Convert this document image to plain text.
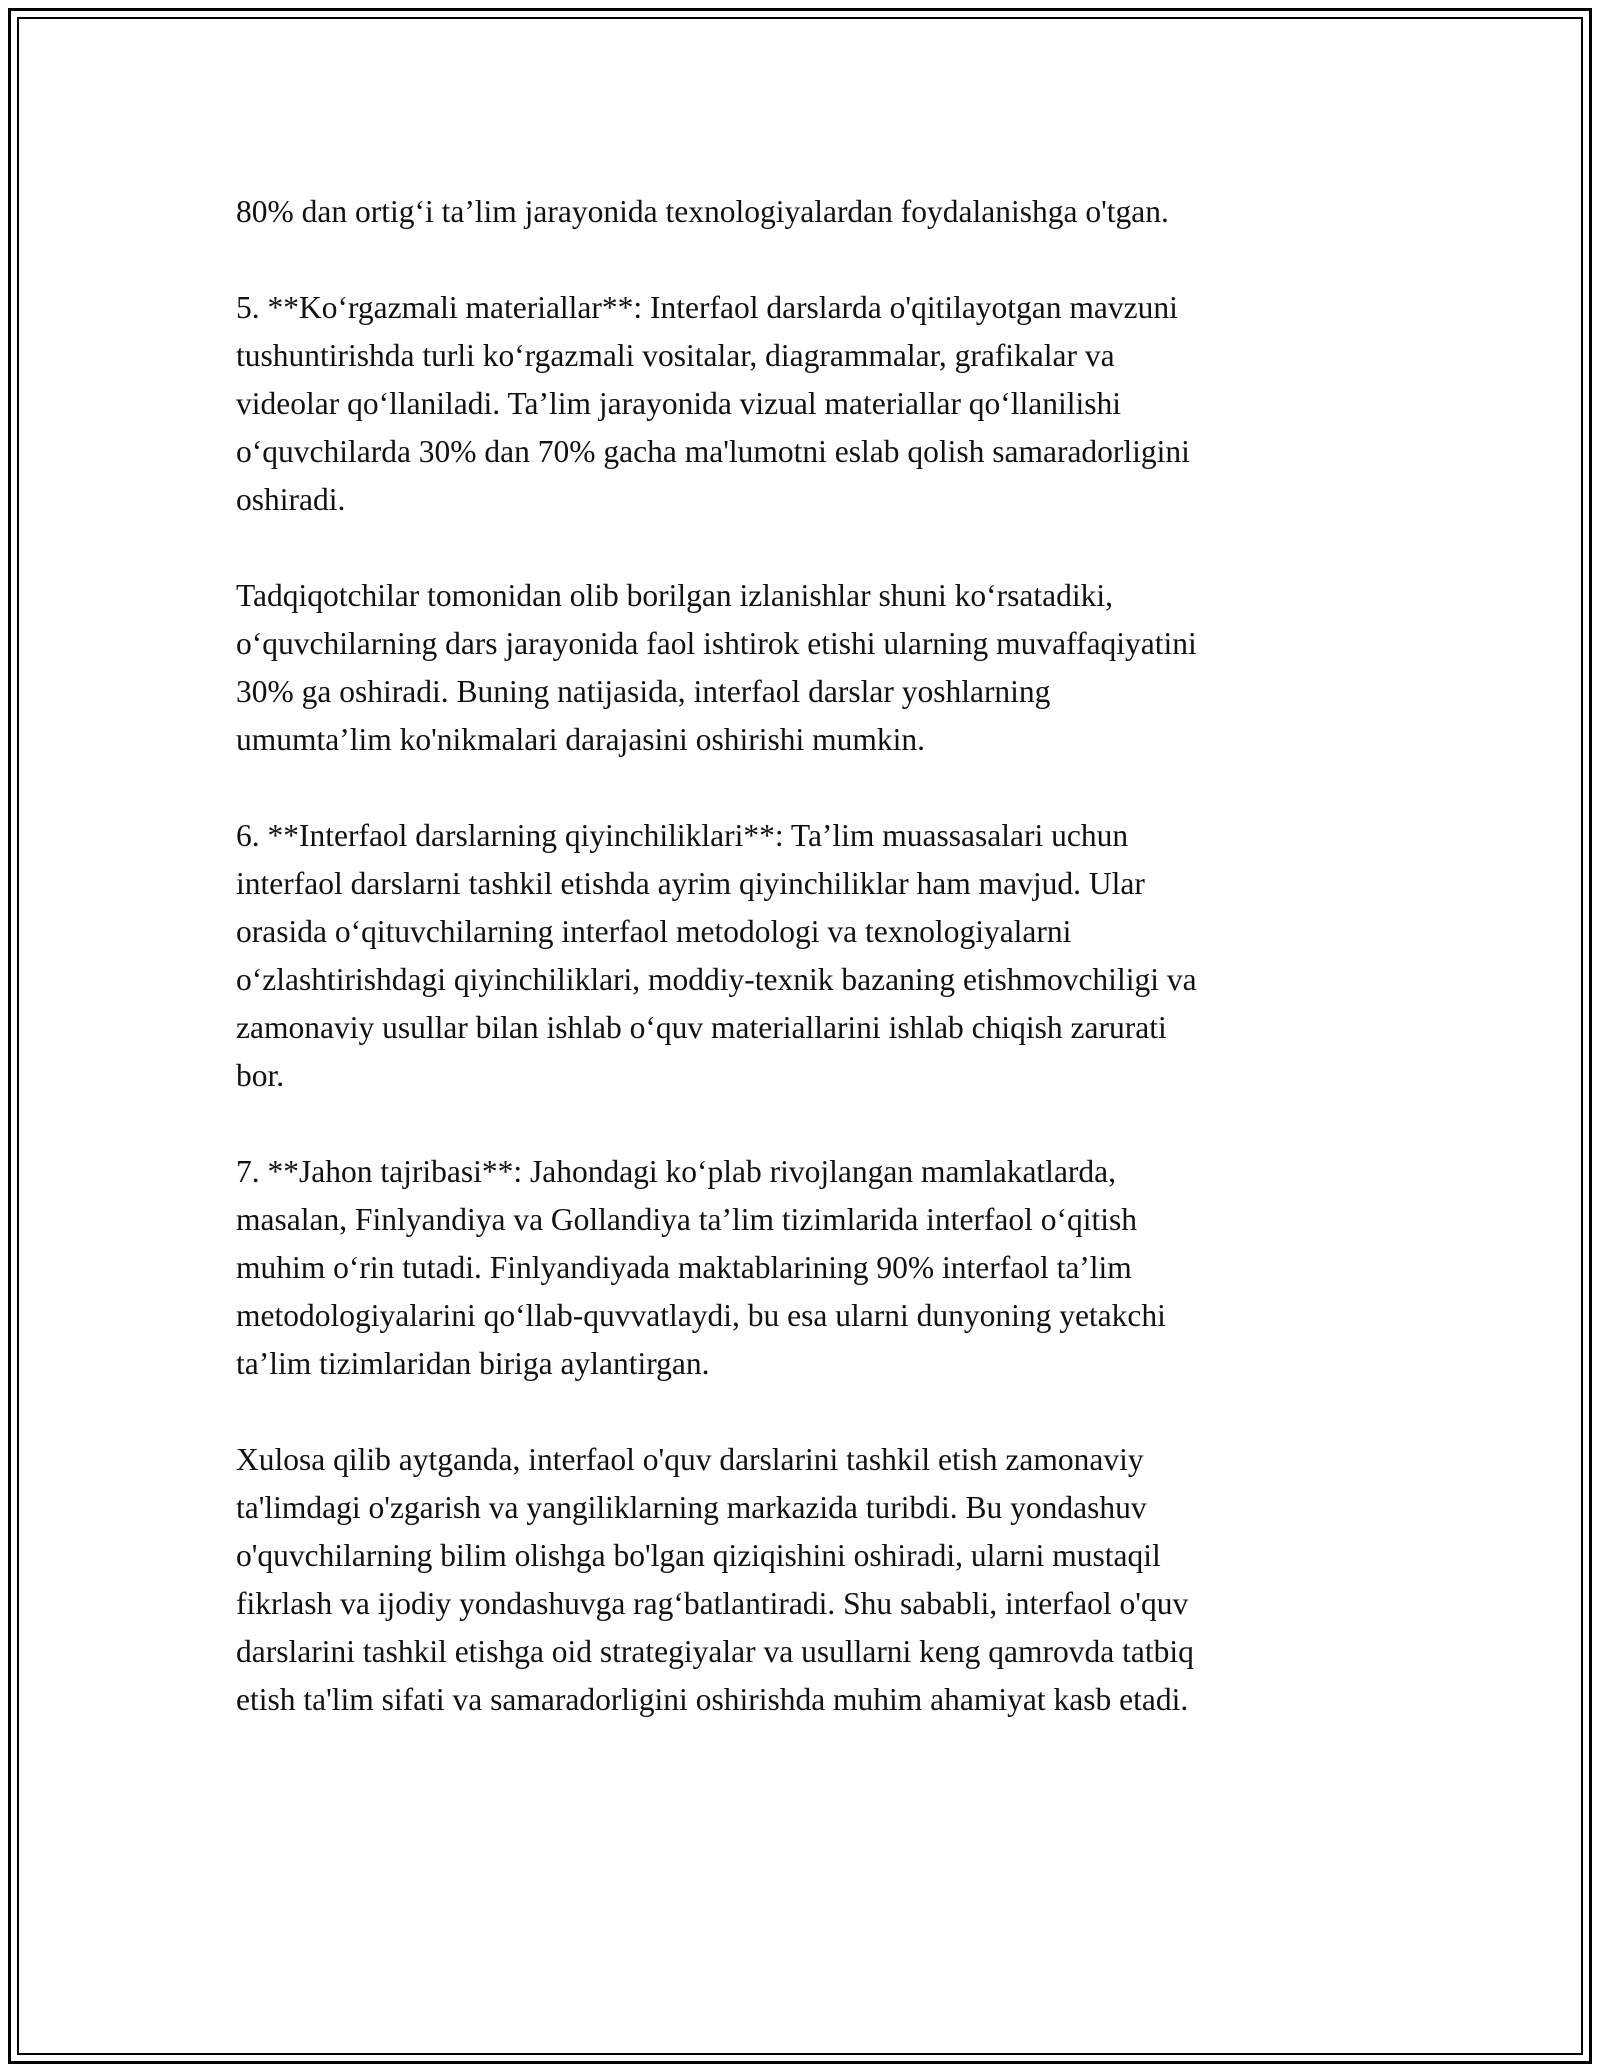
80% dan ortig‘i ta’lim jarayonida texnologiyalardan foydalanishga o'tgan.

5. **Ko‘rgazmali materiallar**: Interfaol darslarda o'qitilayotgan mavzuni
tushuntirishda turli ko‘rgazmali vositalar, diagrammalar, grafikalar va
videolar qo‘llaniladi. Ta’lim jarayonida vizual materiallar qo‘llanilishi
o‘quvchilarda 30% dan 70% gacha ma'lumotni eslab qolish samaradorligini
oshiradi.

Tadqiqotchilar tomonidan olib borilgan izlanishlar shuni ko‘rsatadiki,
o‘quvchilarning dars jarayonida faol ishtirok etishi ularning muvaffaqiyatini
30% ga oshiradi. Buning natijasida, interfaol darslar yoshlarning
umumta’lim ko'nikmalari darajasini oshirishi mumkin.

6. **Interfaol darslarning qiyinchiliklari**: Ta’lim muassasalari uchun
interfaol darslarni tashkil etishda ayrim qiyinchiliklar ham mavjud. Ular
orasida o‘qituvchilarning interfaol metodologi va texnologiyalarni
o‘zlashtirishdagi qiyinchiliklari, moddiy-texnik bazaning etishmovchiligi va
zamonaviy usullar bilan ishlab o‘quv materiallarini ishlab chiqish zarurati
bor.

7. **Jahon tajribasi**: Jahondagi ko‘plab rivojlangan mamlakatlarda,
masalan, Finlyandiya va Gollandiya ta’lim tizimlarida interfaol o‘qitish
muhim o‘rin tutadi. Finlyandiyada maktablarining 90% interfaol ta’lim
metodologiyalarini qo‘llab-quvvatlaydi, bu esa ularni dunyoning yetakchi
ta’lim tizimlaridan biriga aylantirgan.

Xulosa qilib aytganda, interfaol o'quv darslarini tashkil etish zamonaviy
ta'limdagi o'zgarish va yangiliklarning markazida turibdi. Bu yondashuv
o'quvchilarning bilim olishga bo'lgan qiziqishini oshiradi, ularni mustaqil
fikrlash va ijodiy yondashuvga rag‘batlantiradi. Shu sababli, interfaol o'quv
darslarini tashkil etishga oid strategiyalar va usullarni keng qamrovda tatbiq
etish ta'lim sifati va samaradorligini oshirishda muhim ahamiyat kasb etadi.
